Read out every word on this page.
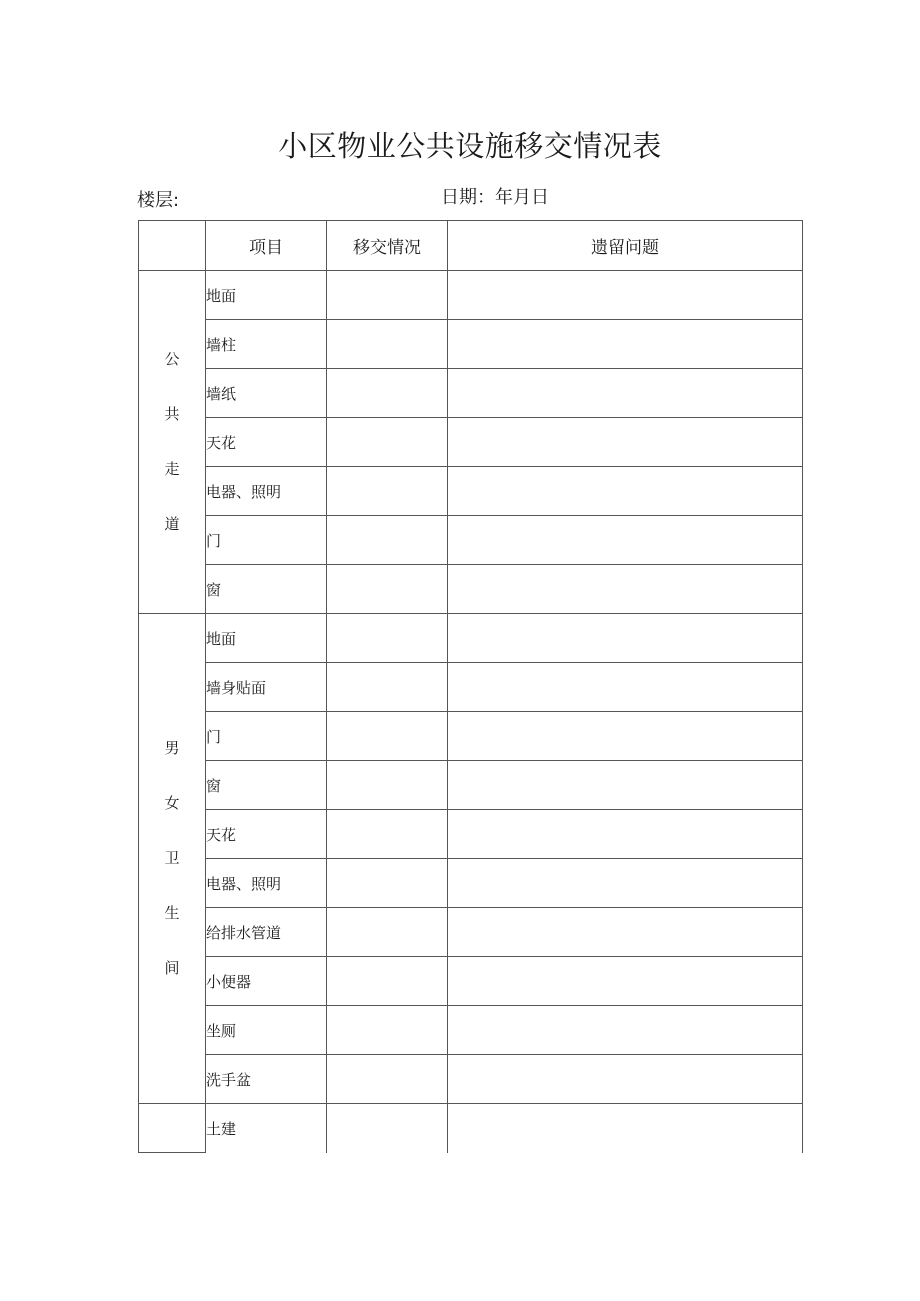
小区物业公共设施移交情况表
楼层:	日期：年月日
	项目	移交情况	遗留问题

公
共
走
道	地面		
	墙柱		
	墙纸		
	天花		
	电器、照明		
	门		
	窗		

男
女
卫
生
间	地面		
	墙身贴面		
	门		
	窗		
	天花		
	电器、照明		
	给排水管道		
	小便器		
	坐厕		
	洗手盆		
	土建		
